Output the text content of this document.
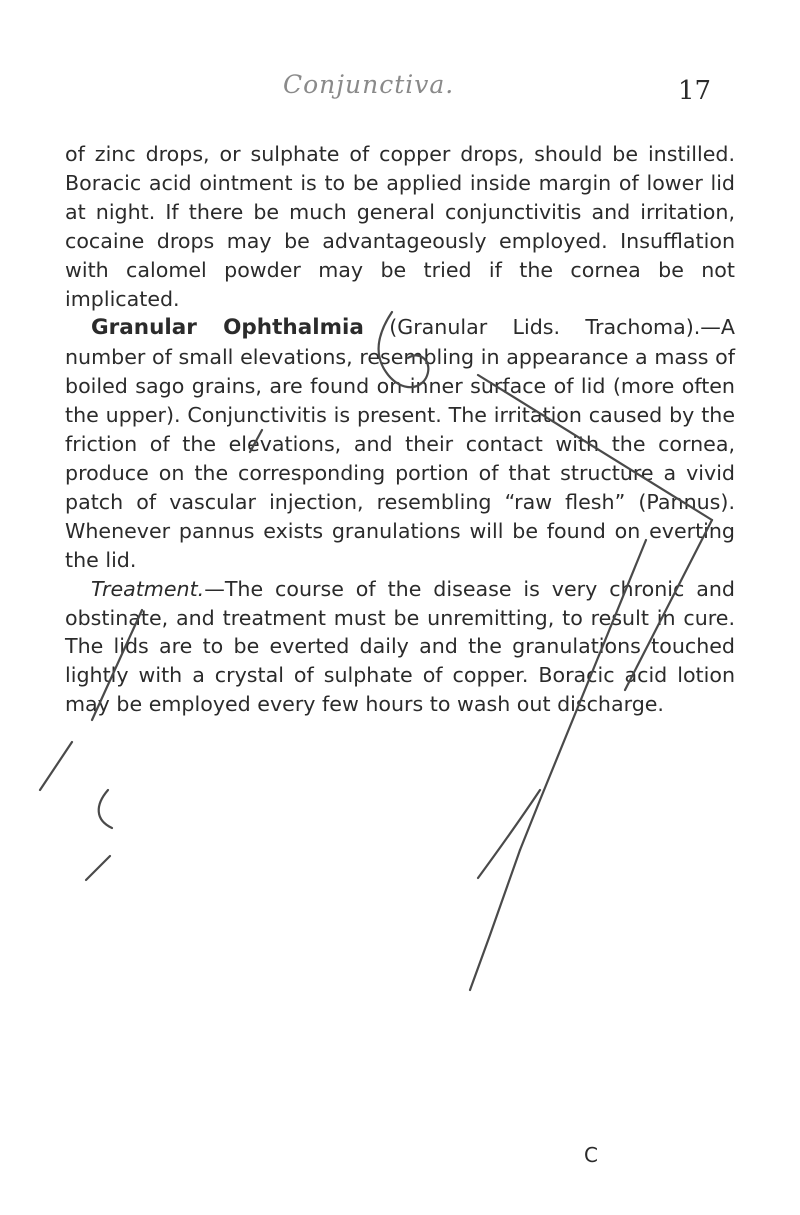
Conjunctiva.	17

of zinc drops, or sulphate of copper drops, should be instilled. Boracic acid ointment is to be applied inside margin of lower lid at night. If there be much general conjunctivitis and irritation, cocaine drops may be advantageously employed. Insufflation with calomel powder may be tried if the cornea be not implicated.

Granular Ophthalmia (Granular Lids. Trachoma).—A number of small elevations, resembling in appearance a mass of boiled sago grains, are found on inner surface of lid (more often the upper). Conjunctivitis is present. The irritation caused by the friction of the elevations, and their contact with the cornea, produce on the corresponding portion of that structure a vivid patch of vascular injection, resembling “raw flesh” (Pannus). Whenever pannus exists granulations will be found on everting the lid.

Treatment.—The course of the disease is very chronic and obstinate, and treatment must be unremitting, to result in cure. The lids are to be everted daily and the granulations touched lightly with a crystal of sulphate of copper. Boracic acid lotion may be employed every few hours to wash out discharge.

C
